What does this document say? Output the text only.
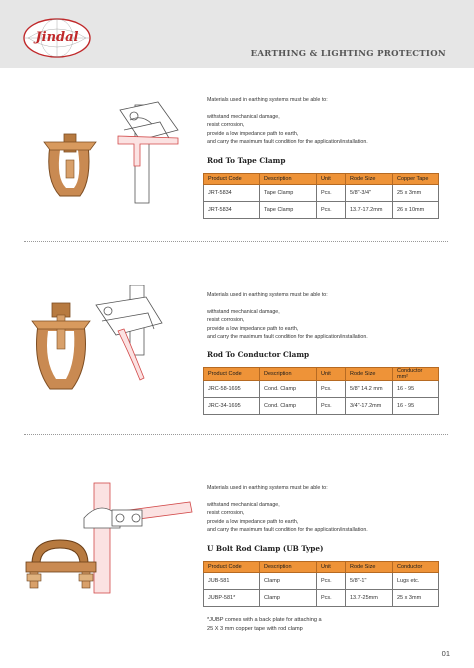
Jindal
EARTHING & LIGHTING PROTECTION

Materials used in earthing systems must be able to:

withstand mechanical damage,

resist corrosion,

provide a low impedance path to earth,

and carry the maximum fault condition for the application/installation.

Rod To Tape Clamp
Product Code	Description	Unit	Rode Size	Copper Tape
JRT-5834	Tape Clamp	Pcs.	5/8"-3/4"	25 x 3mm
JRT-5834	Tape Clamp	Pcs.	13.7-17.2mm	26 x 10mm

Materials used in earthing systems must be able to:

withstand mechanical damage,

resist corrosion,

provide a low impedance path to earth,

and carry the maximum fault condition for the application/installation.

Rod To Conductor Clamp
Product Code	Description	Unit	Rode Size	Conductor mm²
JRC-58-1695	Cond. Clamp	Pcs.	5/8" 14.2 mm	16 - 95
JRC-34-1695	Cond. Clamp	Pcs.	3/4"-17.2mm	16 - 95

Materials used in earthing systems must be able to:

withstand mechanical damage,

resist corrosion,

provide a low impedance path to earth,

and carry the maximum fault condition for the application/installation.

U Bolt Rod Clamp (UB Type)
Product Code	Description	Unit	Rode Size	Conductor
JUB-581	Clamp	Pcs.	5/8"-1"	Lugs etc.
JUBP-581*	Clamp	Pcs.	13.7-25mm	25 x 3mm
*JUBP comes with a back plate for attaching a
25 X 3 mm copper tape with rod clamp
01
